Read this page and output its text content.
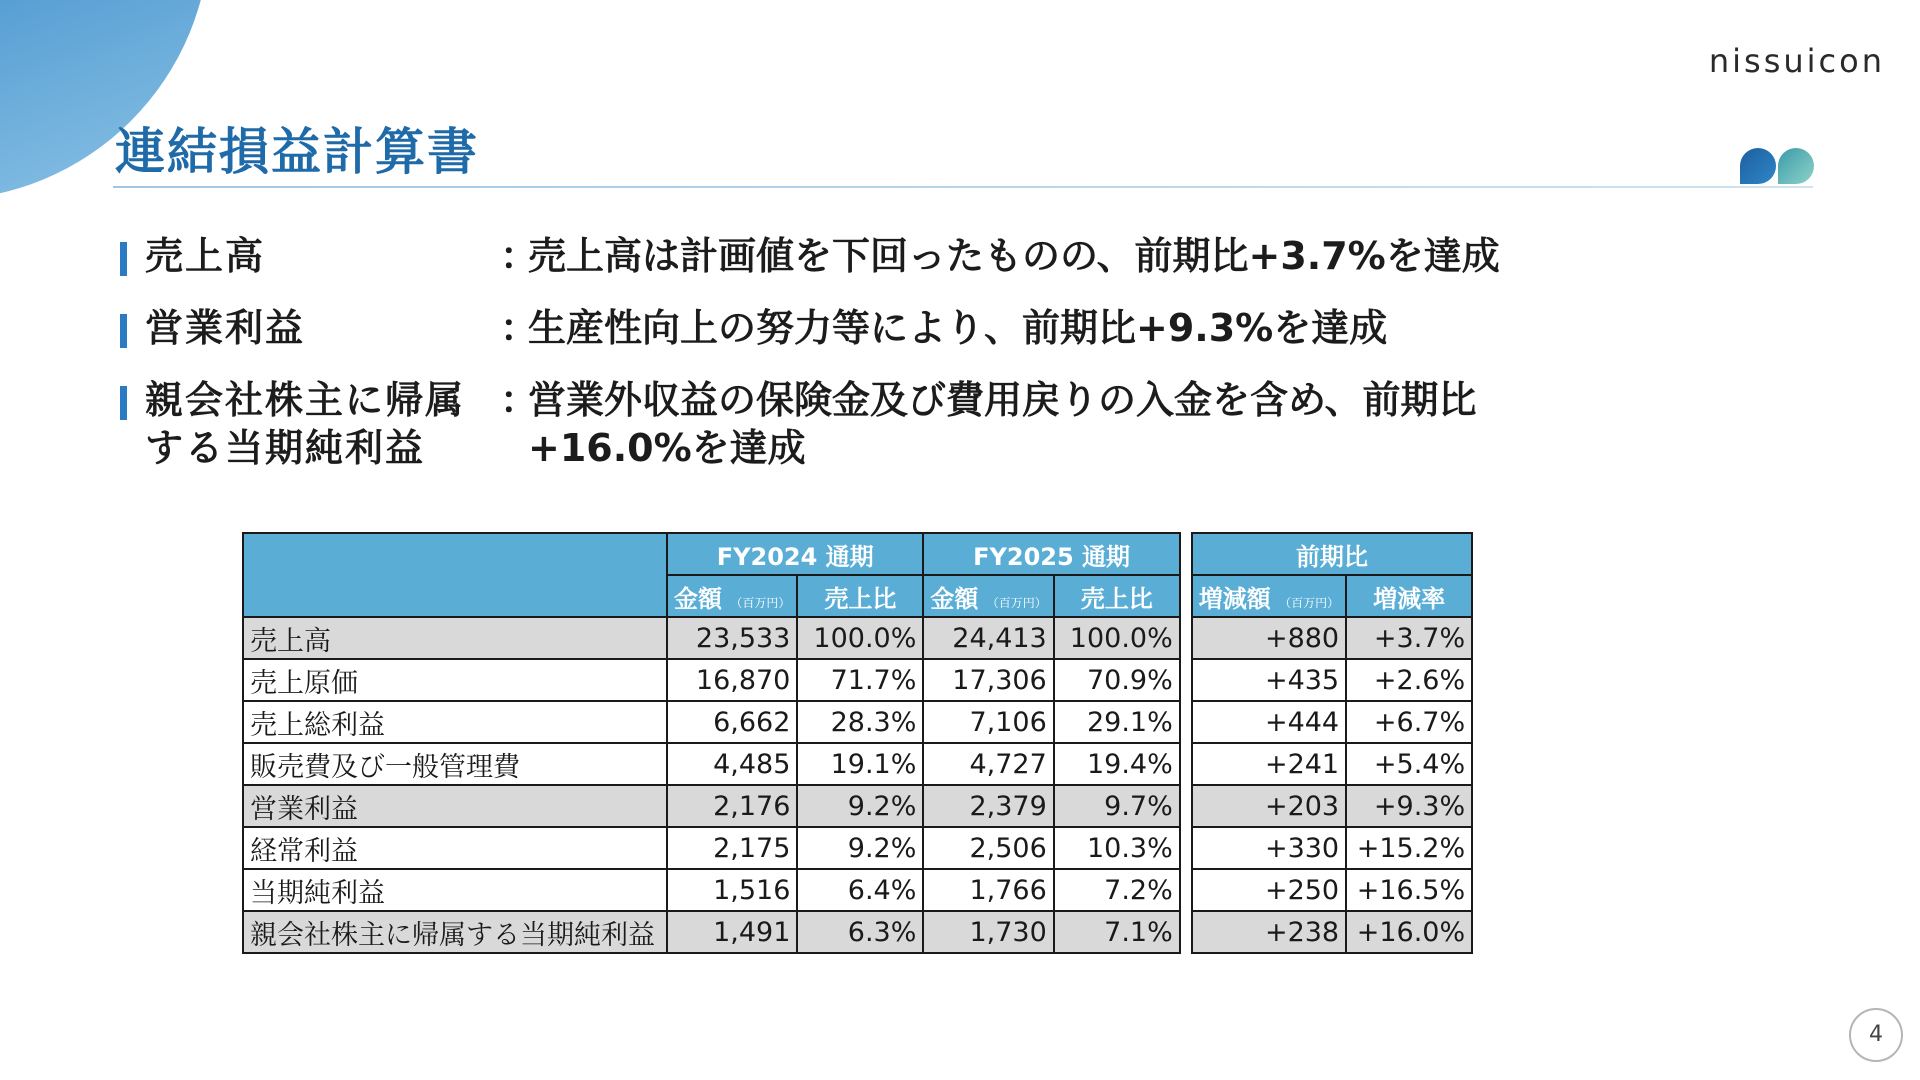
nissuicon
連結損益計算書
売上高	：
売上高は計画値を下回ったものの、前期比+3.7%を達成
営業利益	：
生産性向上の努力等により、前期比+9.3%を達成
親会社株主に帰属する当期純利益
：
営業外収益の保険金及び費用戻りの入金を含め、前期比+16.0%を達成
	FY2024 通期		FY2025 通期			前期比	
	金額 （百万円）	売上比	金額 （百万円）	売上比		増減額 （百万円）	増減率
売上高	23,533	100.0%	24,413	100.0%		+880	+3.7%
売上原価	16,870	71.7%	17,306	70.9%		+435	+2.6%
売上総利益	6,662	28.3%	7,106	29.1%		+444	+6.7%
販売費及び一般管理費	4,485	19.1%	4,727	19.4%		+241	+5.4%
営業利益	2,176	9.2%	2,379	9.7%		+203	+9.3%
経常利益	2,175	9.2%	2,506	10.3%		+330	+15.2%
当期純利益	1,516	6.4%	1,766	7.2%		+250	+16.5%
親会社株主に帰属する当期純利益	1,491	6.3%	1,730	7.1%		+238	+16.0%
4
